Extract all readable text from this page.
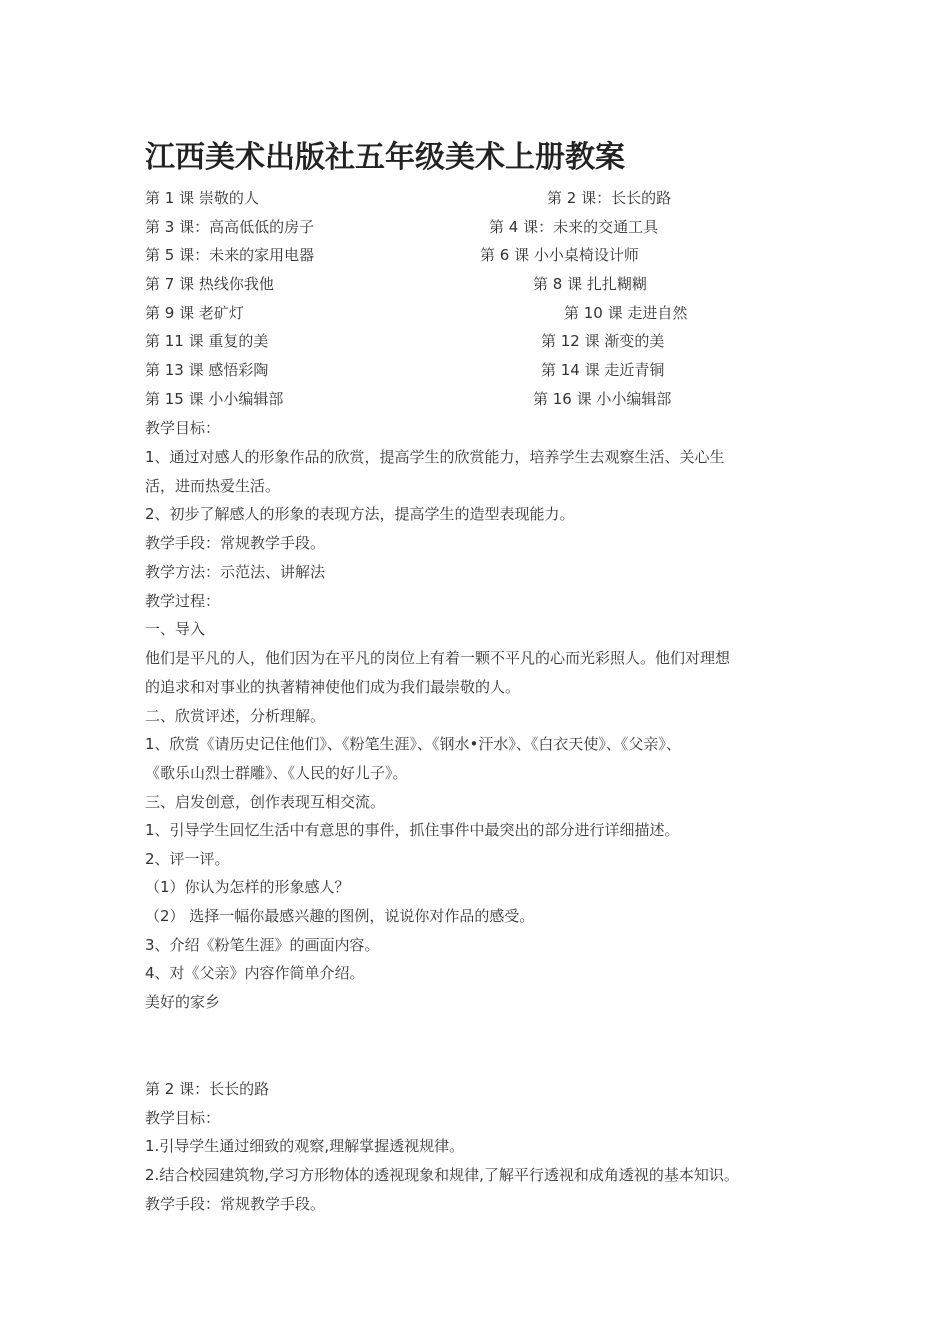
江西美术出版社五年级美术上册教案
第 1 课 崇敬的人	第 2 课：长长的路
第 3 课：高高低低的房子	第 4 课：未来的交通工具
第 5 课：未来的家用电器	第 6 课 小小桌椅设计师
第 7 课 热线你我他	第 8 课 扎扎糊糊
第 9 课 老矿灯	第 10 课 走进自然
第 11 课 重复的美	第 12 课 渐变的美
第 13 课 感悟彩陶	第 14 课 走近青铜
第 15 课 小小编辑部	第 16 课 小小编辑部
教学目标：
1、通过对感人的形象作品的欣赏，提高学生的欣赏能力，培养学生去观察生活、关心生
活，进而热爱生活。
2、初步了解感人的形象的表现方法，提高学生的造型表现能力。
教学手段：常规教学手段。
教学方法：示范法、讲解法
教学过程：
一、导入
他们是平凡的人，他们因为在平凡的岗位上有着一颗不平凡的心而光彩照人。他们对理想
的追求和对事业的执著精神使他们成为我们最崇敬的人。
二、欣赏评述，分析理解。
1、欣赏《请历史记住他们》、《粉笔生涯》、《钢水•汗水》、《白衣天使》、《父亲》、
《歌乐山烈士群雕》、《人民的好儿子》。
三、启发创意，创作表现互相交流。
1、引导学生回忆生活中有意思的事件，抓住事件中最突出的部分进行详细描述。
2、评一评。
（1）你认为怎样的形象感人？
（2） 选择一幅你最感兴趣的图例，说说你对作品的感受。
3、介绍《粉笔生涯》的画面内容。
4、对《父亲》内容作简单介绍。
美好的家乡
第 2 课：长长的路
教学目标：
1.引导学生通过细致的观察,理解掌握透视规律。
2.结合校园建筑物,学习方形物体的透视现象和规律,了解平行透视和成角透视的基本知识。
教学手段：常规教学手段。
